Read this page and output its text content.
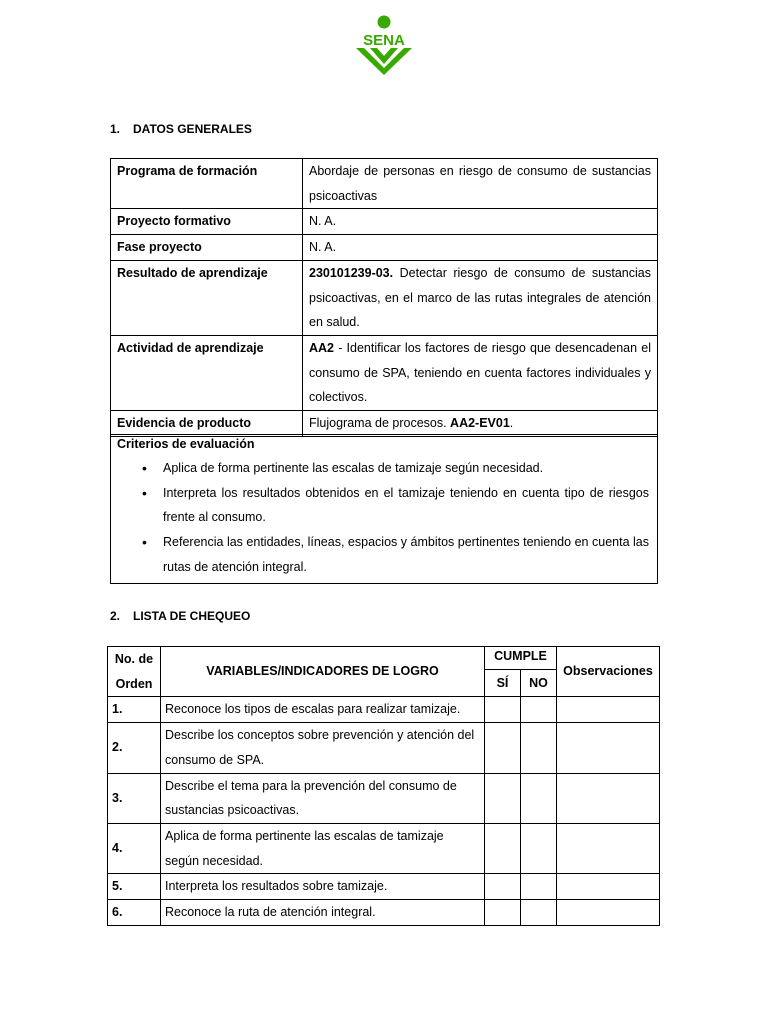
SENA
1. DATOS GENERALES
Programa de formación	Abordaje de personas en riesgo de consumo de sustancias psicoactivas
Proyecto formativo	N. A.
Fase proyecto	N. A.
Resultado de aprendizaje	230101239-03. Detectar riesgo de consumo de sustancias psicoactivas, en el marco de las rutas integrales de atención en salud.
Actividad de aprendizaje	AA2 - Identificar los factores de riesgo que desencadenan el consumo de SPA, teniendo en cuenta factores individuales y colectivos.
Evidencia de producto	Flujograma de procesos. AA2-EV01.
Criterios de evaluación
• Aplica de forma pertinente las escalas de tamizaje según necesidad.
• Interpreta los resultados obtenidos en el tamizaje teniendo en cuenta tipo de riesgos frente al consumo.
• Referencia las entidades, líneas, espacios y ámbitos pertinentes teniendo en cuenta las rutas de atención integral.
2. LISTA DE CHEQUEO
No. de Orden	VARIABLES/INDICADORES DE LOGRO	CUMPLE		Observaciones
		SÍ	NO	
1.	Reconoce los tipos de escalas para realizar tamizaje.			
2.	Describe los conceptos sobre prevención y atención del consumo de SPA.			
3.	Describe el tema para la prevención del consumo de sustancias psicoactivas.			
4.	Aplica de forma pertinente las escalas de tamizaje según necesidad.			
5.	Interpreta los resultados sobre tamizaje.			
6.	Reconoce la ruta de atención integral.			
